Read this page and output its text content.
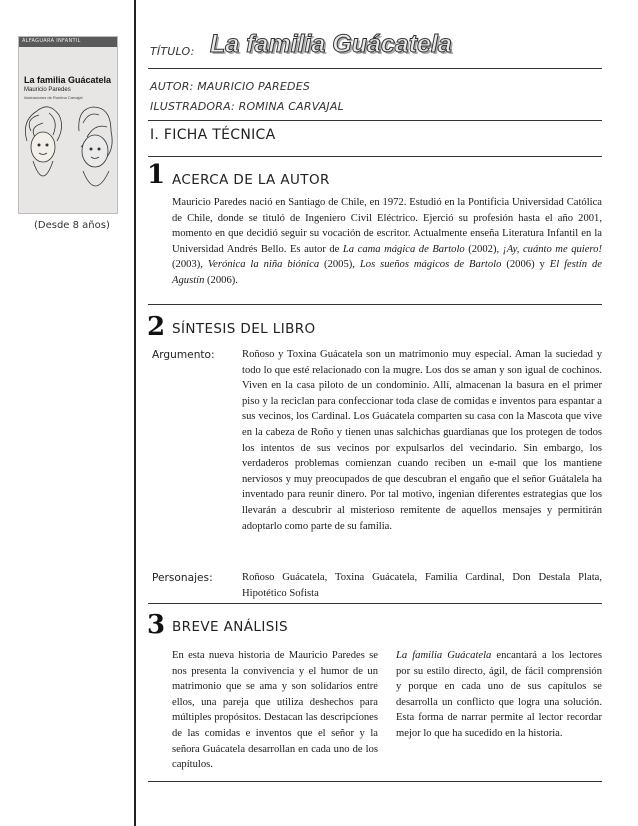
ALFAGUARA INFANTIL
La familia Guácatela
Mauricio Paredes
ilustraciones de Romina Carvajal
(Desde 8 años)
TÍTULO: La familia Guácatela
AUTOR: MAURICIO PAREDES
ILUSTRADORA: ROMINA CARVAJAL
I. FICHA TÉCNICA
1 ACERCA DE LA AUTOR
Mauricio Paredes nació en Santiago de Chile, en 1972. Estudió en la Pontificia Universidad Católica de Chile, donde se tituló de Ingeniero Civil Eléctrico. Ejerció su profesión hasta el año 2001, momento en que decidió seguir su vocación de escritor. Actualmente enseña Literatura Infantil en la Universidad Andrés Bello. Es autor de La cama mágica de Bartolo (2002), ¡Ay, cuánto me quiero! (2003), Verónica la niña biónica (2005), Los sueños mágicos de Bartolo (2006) y El festín de Agustín (2006).
2 SÍNTESIS DEL LIBRO
Argumento:	Roñoso y Toxina Guácatela son un matrimonio muy especial. Aman la suciedad y todo lo que esté relacionado con la mugre. Los dos se aman y son igual de cochinos. Viven en la casa piloto de un condominio. Allí, almacenan la basura en el primer piso y la reciclan para confeccionar toda clase de comidas e inventos para espantar a sus vecinos, los Cardinal. Los Guácatela comparten su casa con la Mascota que vive en la cabeza de Roño y tienen unas salchichas guardianas que los protegen de todos los intentos de sus vecinos por expulsarlos del vecindario. Sin embargo, los verdaderos problemas comienzan cuando reciben un e-mail que los mantiene nerviosos y muy preocupados de que descubran el engaño que el señor Guátalela ha inventado para reunir dinero. Por tal motivo, ingenian diferentes estrategias que los llevarán a descubrir al misterioso remitente de aquellos mensajes y permitirán adoptarlo como parte de su familia.
Personajes:	Roñoso Guácatela, Toxina Guácatela, Familia Cardinal, Don Destala Plata, Hipotético Sofista
3 BREVE ANÁLISIS
En esta nueva historia de Mauricio Paredes se nos presenta la convivencia y el humor de un matrimonio que se ama y son solidarios entre ellos, una pareja que utiliza deshechos para múltiples propósitos. Destacan las descripciones de las comidas e inventos que el señor y la señora Guácatela desarrollan en cada uno de los capítulos.
La familia Guácatela encantará a los lectores por su estilo directo, ágil, de fácil comprensión y porque en cada uno de sus capítulos se desarrolla un conflicto que logra una solución. Esta forma de narrar permite al lector recordar mejor lo que ha sucedido en la historia.
